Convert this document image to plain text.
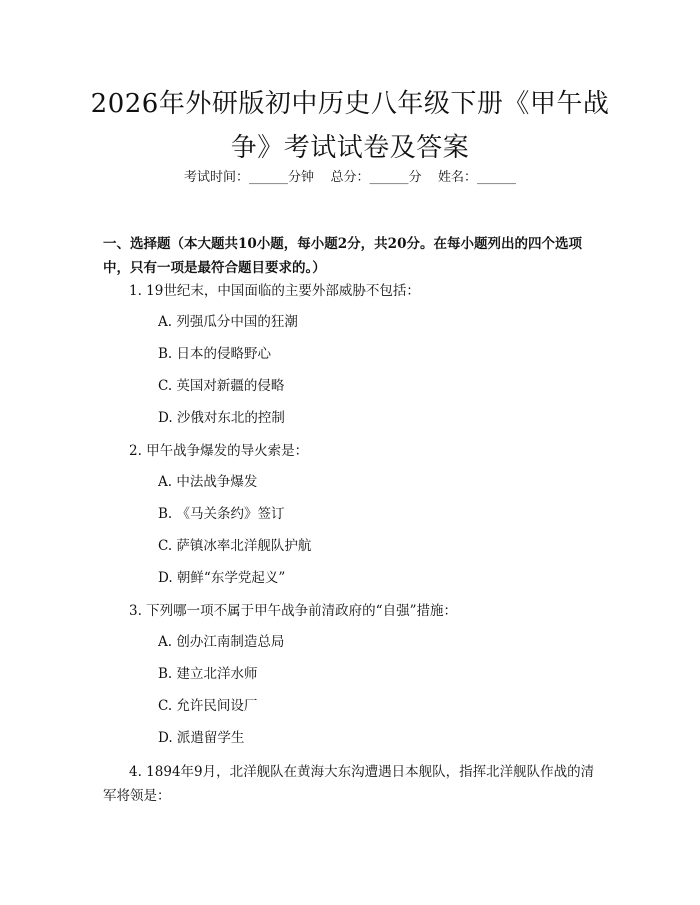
2026年外研版初中历史八年级下册《甲午战争》考试试卷及答案
考试时间：______分钟    总分：______分    姓名：______
一、选择题（本大题共10小题，每小题2分，共20分。在每小题列出的四个选项中，只有一项是最符合题目要求的。）
1. 19世纪末，中国面临的主要外部威胁不包括：
A. 列强瓜分中国的狂潮
B. 日本的侵略野心
C. 英国对新疆的侵略
D. 沙俄对东北的控制
2. 甲午战争爆发的导火索是：
A. 中法战争爆发
B. 《马关条约》签订
C. 萨镇冰率北洋舰队护航
D. 朝鲜“东学党起义”
3. 下列哪一项不属于甲午战争前清政府的“自强”措施：
A. 创办江南制造总局
B. 建立北洋水师
C. 允许民间设厂
D. 派遣留学生
4. 1894年9月，北洋舰队在黄海大东沟遭遇日本舰队，指挥北洋舰队作战的清军将领是：
